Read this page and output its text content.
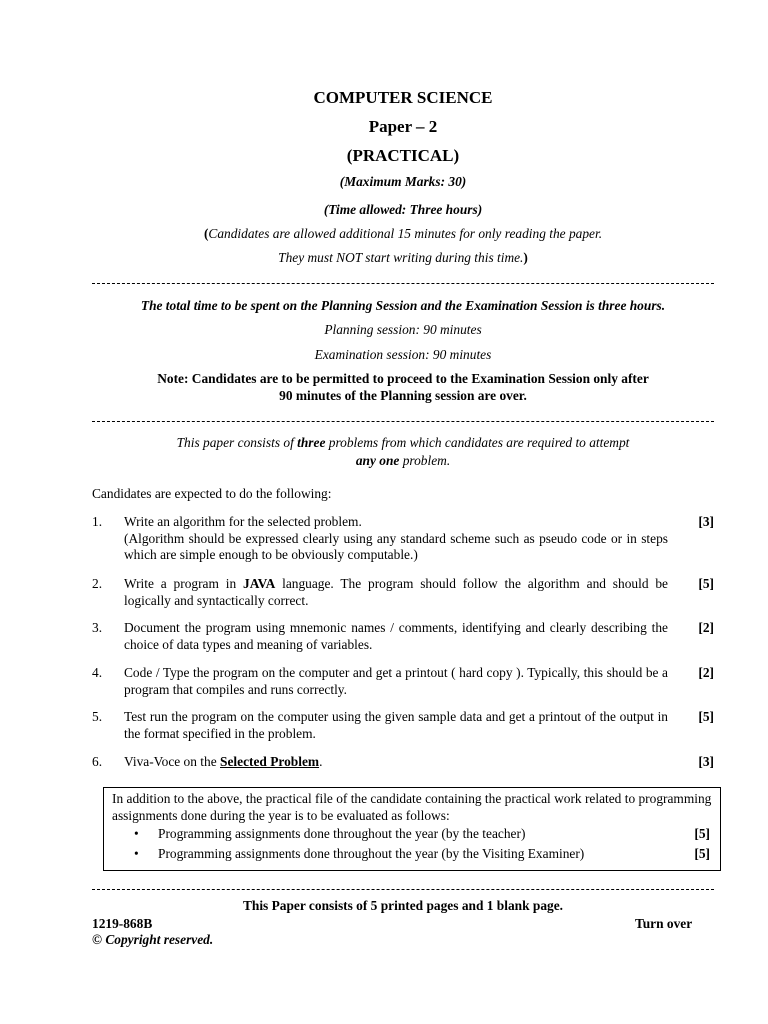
COMPUTER SCIENCE
Paper – 2
(PRACTICAL)
(Maximum Marks: 30)
(Time allowed: Three hours)
(Candidates are allowed additional 15 minutes for only reading the paper.
They must NOT start writing during this time.)
The total time to be spent on the Planning Session and the Examination Session is three hours.
Planning session: 90 minutes
Examination session: 90 minutes
Note: Candidates are to be permitted to proceed to the Examination Session only after
90 minutes of the Planning session are over.
This paper consists of three problems from which candidates are required to attempt
any one problem.
Candidates are expected to do the following:
1.	Write an algorithm for the selected problem.
(Algorithm should be expressed clearly using any standard scheme such as pseudo code or in steps which are simple enough to be obviously computable.)
[3]
2.	Write a program in JAVA language. The program should follow the algorithm and should be logically and syntactically correct.
[5]
3.	Document the program using mnemonic names / comments, identifying and clearly describing the choice of data types and meaning of variables.
[2]
4.	Code / Type the program on the computer and get a printout ( hard copy ). Typically, this should be a program that compiles and runs correctly.
[2]
5.	Test run the program on the computer using the given sample data and get a printout of the output in the format specified in the problem.
[5]
6.	Viva-Voce on the Selected Problem.	[3]
In addition to the above, the practical file of the candidate containing the practical work related to programming assignments done during the year is to be evaluated as follows:
• Programming assignments done throughout the year (by the teacher)	[5]
• Programming assignments done throughout the year (by the Visiting Examiner)	[5]
This Paper consists of 5 printed pages and 1 blank page.
1219-868B	Turn over
© Copyright reserved.
